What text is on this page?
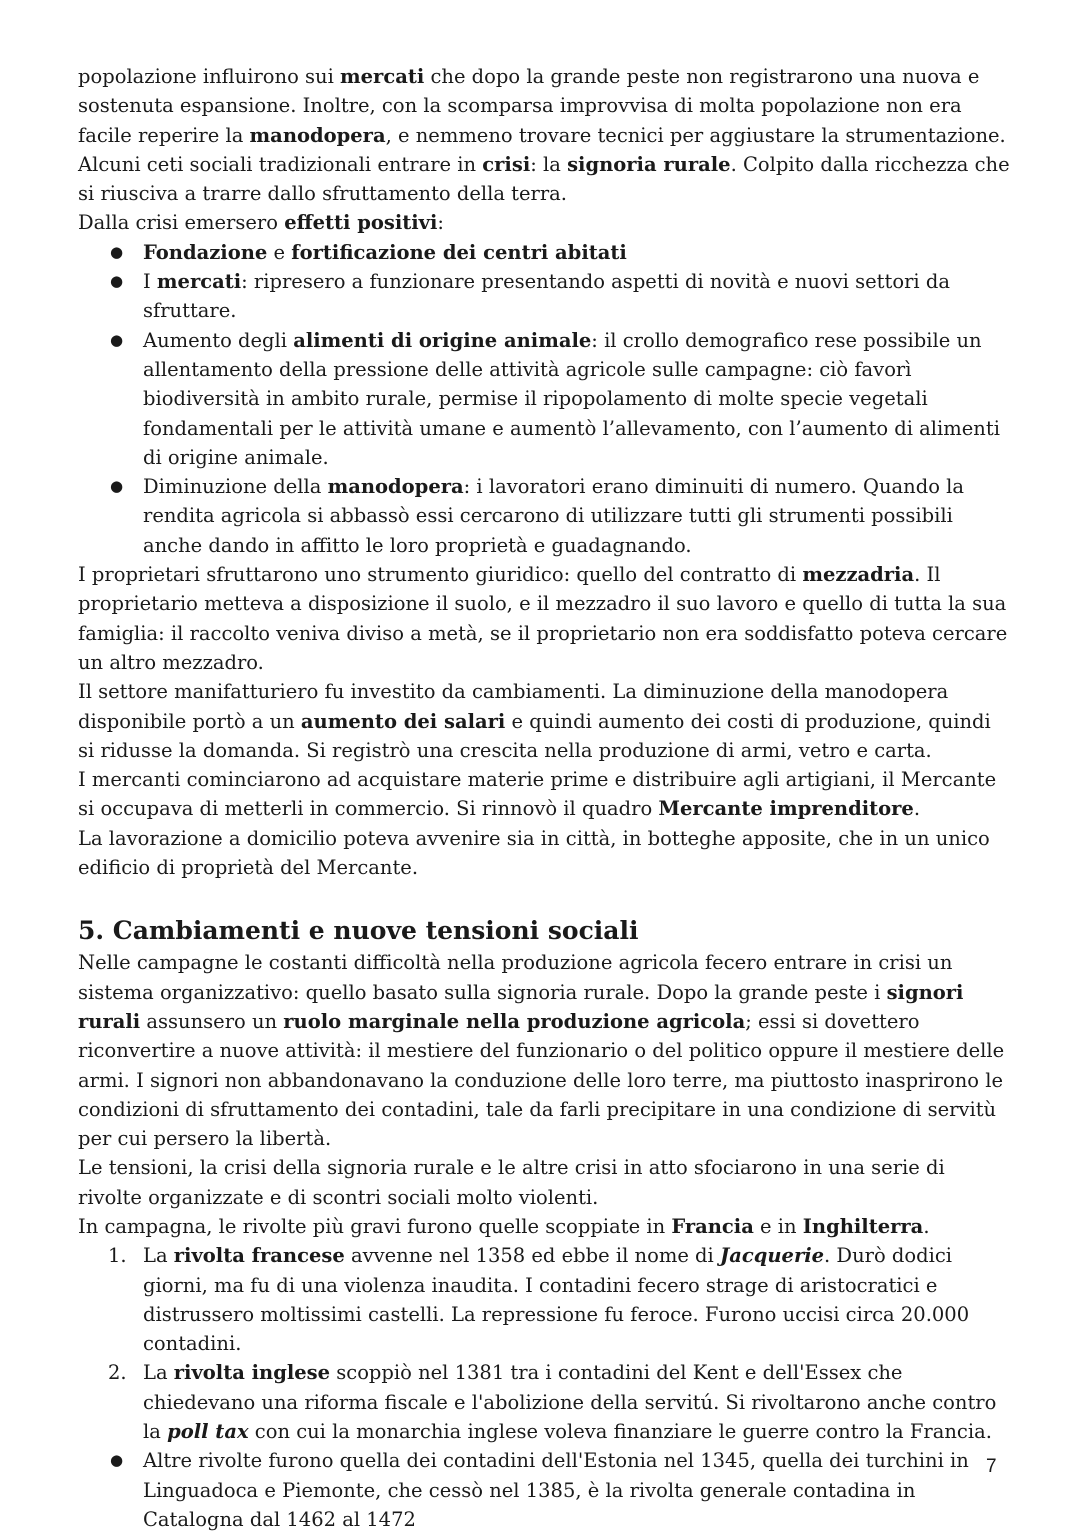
popolazione influirono sui mercati che dopo la grande peste non registrarono una nuova e sostenuta espansione. Inoltre, con la scomparsa improvvisa di molta popolazione non era facile reperire la manodopera, e nemmeno trovare tecnici per aggiustare la strumentazione.

Alcuni ceti sociali tradizionali entrare in crisi: la signoria rurale. Colpito dalla ricchezza che si riusciva a trarre dallo sfruttamento della terra.

Dalla crisi emersero effetti positivi:

● Fondazione e fortificazione dei centri abitati
● I mercati: ripresero a funzionare presentando aspetti di novità e nuovi settori da sfruttare.
● Aumento degli alimenti di origine animale: il crollo demografico rese possibile un allentamento della pressione delle attività agricole sulle campagne: ciò favorì biodiversità in ambito rurale, permise il ripopolamento di molte specie vegetali fondamentali per le attività umane e aumentò l’allevamento, con l’aumento di alimenti di origine animale.
● Diminuzione della manodopera: i lavoratori erano diminuiti di numero. Quando la rendita agricola si abbassò essi cercarono di utilizzare tutti gli strumenti possibili anche dando in affitto le loro proprietà e guadagnando.

I proprietari sfruttarono uno strumento giuridico: quello del contratto di mezzadria. Il proprietario metteva a disposizione il suolo, e il mezzadro il suo lavoro e quello di tutta la sua famiglia: il raccolto veniva diviso a metà, se il proprietario non era soddisfatto poteva cercare un altro mezzadro.

Il settore manifatturiero fu investito da cambiamenti. La diminuzione della manodopera disponibile portò a un aumento dei salari e quindi aumento dei costi di produzione, quindi si ridusse la domanda. Si registrò una crescita nella produzione di armi, vetro e carta.

I mercanti cominciarono ad acquistare materie prime e distribuire agli artigiani, il Mercante si occupava di metterli in commercio. Si rinnovò il quadro Mercante imprenditore.

La lavorazione a domicilio poteva avvenire sia in città, in botteghe apposite, che in un unico edificio di proprietà del Mercante.

5. Cambiamenti e nuove tensioni sociali

Nelle campagne le costanti difficoltà nella produzione agricola fecero entrare in crisi un sistema organizzativo: quello basato sulla signoria rurale. Dopo la grande peste i signori rurali assunsero un ruolo marginale nella produzione agricola; essi si dovettero riconvertire a nuove attività: il mestiere del funzionario o del politico oppure il mestiere delle armi. I signori non abbandonavano la conduzione delle loro terre, ma piuttosto inasprirono le condizioni di sfruttamento dei contadini, tale da farli precipitare in una condizione di servitù per cui persero la libertà.

Le tensioni, la crisi della signoria rurale e le altre crisi in atto sfociarono in una serie di rivolte organizzate e di scontri sociali molto violenti.

In campagna, le rivolte più gravi furono quelle scoppiate in Francia e in Inghilterra.

1. La rivolta francese avvenne nel 1358 ed ebbe il nome di Jacquerie. Durò dodici giorni, ma fu di una violenza inaudita. I contadini fecero strage di aristocratici e distrussero moltissimi castelli. La repressione fu feroce. Furono uccisi circa 20.000 contadini.
2. La rivolta inglese scoppiò nel 1381 tra i contadini del Kent e dell'Essex che chiedevano una riforma fiscale e l'abolizione della servitú. Si rivoltarono anche contro la poll tax con cui la monarchia inglese voleva finanziare le guerre contro la Francia.
● Altre rivolte furono quella dei contadini dell'Estonia nel 1345, quella dei turchini in Linguadoca e Piemonte, che cessò nel 1385, è la rivolta generale contadina in Catalogna dal 1462 al 1472
7
